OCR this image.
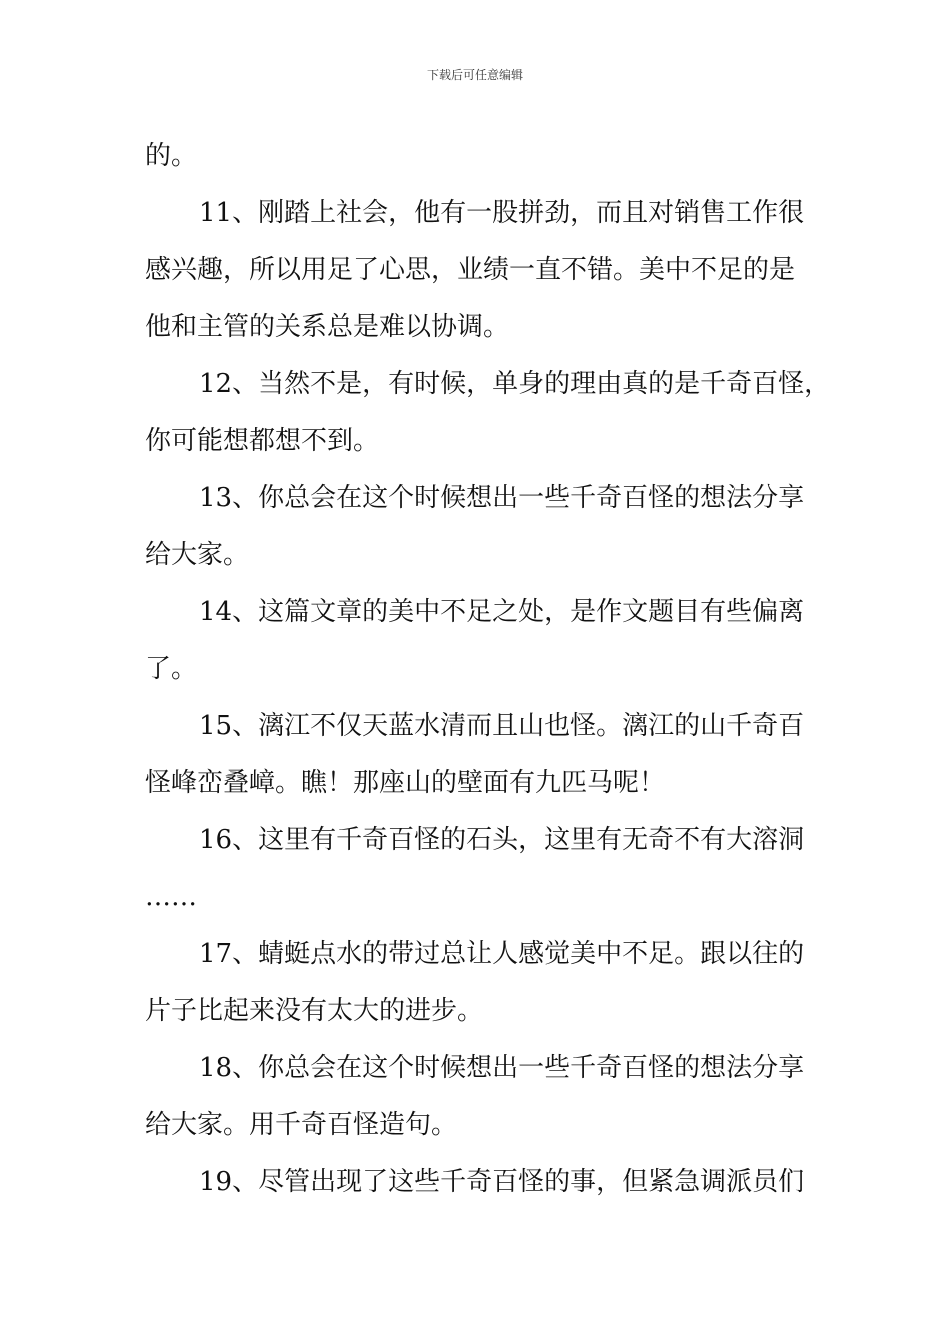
下载后可任意编辑
的。
11、刚踏上社会，他有一股拼劲，而且对销售工作很
感兴趣，所以用足了心思，业绩一直不错。美中不足的是
他和主管的关系总是难以协调。
12、当然不是，有时候，单身的理由真的是千奇百怪，
你可能想都想不到。
13、你总会在这个时候想出一些千奇百怪的想法分享
给大家。
14、这篇文章的美中不足之处，是作文题目有些偏离
了。
15、漓江不仅天蓝水清而且山也怪。漓江的山千奇百
怪峰峦叠嶂。瞧！那座山的壁面有九匹马呢！
16、这里有千奇百怪的石头，这里有无奇不有大溶洞
……
17、蜻蜓点水的带过总让人感觉美中不足。跟以往的
片子比起来没有太大的进步。
18、你总会在这个时候想出一些千奇百怪的想法分享
给大家。用千奇百怪造句。
19、尽管出现了这些千奇百怪的事，但紧急调派员们
